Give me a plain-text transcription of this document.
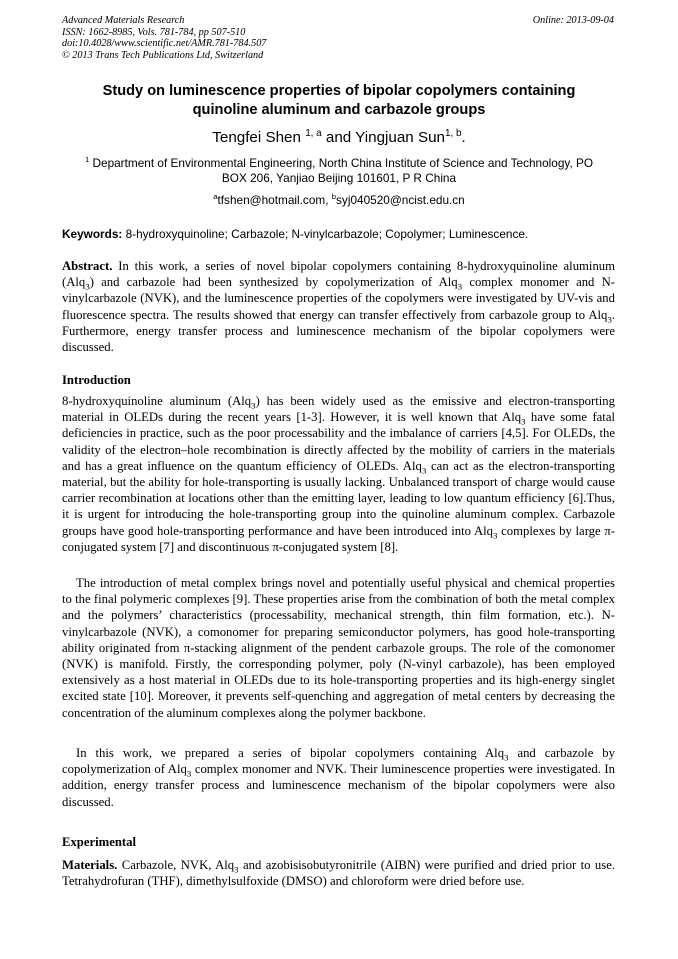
Advanced Materials Research
ISSN: 1662-8985, Vols. 781-784, pp 507-510
doi:10.4028/www.scientific.net/AMR.781-784.507
© 2013 Trans Tech Publications Ltd, Switzerland
Online: 2013-09-04
Study on luminescence properties of bipolar copolymers containing
quinoline aluminum and carbazole groups
Tengfei Shen $^{1, a}$ and Yingjuan Sun$^{1, b}$.
$^1$ Department of Environmental Engineering, North China Institute of Science and Technology, PO
BOX 206, Yanjiao Beijing 101601, P R China
$^a$tfshen@hotmail.com, $^b$syj040520@ncist.edu.cn
Keywords: 8-hydroxyquinoline; Carbazole; N-vinylcarbazole; Copolymer; Luminescence.
Abstract. In this work, a series of novel bipolar copolymers containing 8-hydroxyquinoline aluminum (Alq$_3$) and carbazole had been synthesized by copolymerization of Alq$_3$ complex monomer and N-vinylcarbazole (NVK), and the luminescence properties of the copolymers were investigated by UV-vis and fluorescence spectra. The results showed that energy can transfer effectively from carbazole group to Alq$_3$. Furthermore, energy transfer process and luminescence mechanism of the bipolar copolymers were discussed.
Introduction
8-hydroxyquinoline aluminum (Alq$_3$) has been widely used as the emissive and electron-transporting material in OLEDs during the recent years [1-3]. However, it is well known that Alq$_3$ have some fatal deficiencies in practice, such as the poor processability and the imbalance of carriers [4,5]. For OLEDs, the validity of the electron–hole recombination is directly affected by the mobility of carriers in the materials and has a great influence on the quantum efficiency of OLEDs. Alq$_3$ can act as the electron-transporting material, but the ability for hole-transporting is usually lacking. Unbalanced transport of charge would cause carrier recombination at locations other than the emitting layer, leading to low quantum efficiency [6].Thus, it is urgent for introducing the hole-transporting group into the quinoline aluminum complex. Carbazole groups have good hole-transporting performance and have been introduced into Alq$_3$ complexes by large π-conjugated system [7] and discontinuous π-conjugated system [8].
The introduction of metal complex brings novel and potentially useful physical and chemical properties to the final polymeric complexes [9]. These properties arise from the combination of both the metal complex and the polymers’ characteristics (processability, mechanical strength, thin film formation, etc.). N-vinylcarbazole (NVK), a comonomer for preparing semiconductor polymers, has good hole-transporting ability originated from π-stacking alignment of the pendent carbazole groups. The role of the comonomer (NVK) is manifold. Firstly, the corresponding polymer, poly (N-vinyl carbazole), has been employed extensively as a host material in OLEDs due to its hole-transporting properties and its high-energy singlet excited state [10]. Moreover, it prevents self-quenching and aggregation of metal centers by decreasing the concentration of the aluminum complexes along the polymer backbone.
In this work, we prepared a series of bipolar copolymers containing Alq$_3$ and carbazole by copolymerization of Alq$_3$ complex monomer and NVK. Their luminescence properties were investigated. In addition, energy transfer process and luminescence mechanism of the bipolar copolymers were also discussed.
Experimental
Materials. Carbazole, NVK, Alq$_3$ and azobisisobutyronitrile (AIBN) were purified and dried prior to use. Tetrahydrofuran (THF), dimethylsulfoxide (DMSO) and chloroform were dried before use.
